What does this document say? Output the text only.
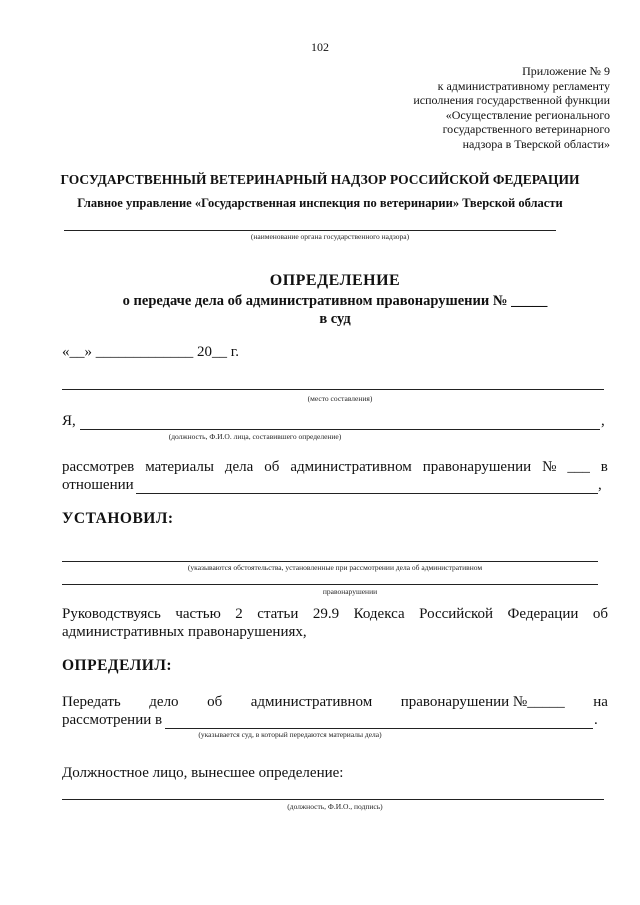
102
Приложение № 9
к административному регламенту
исполнения государственной функции
«Осуществление регионального
государственного ветеринарного
надзора в Тверской области»
ГОСУДАРСТВЕННЫЙ ВЕТЕРИНАРНЫЙ НАДЗОР РОССИЙСКОЙ ФЕДЕРАЦИИ
Главное управление «Государственная инспекция по ветеринарии» Тверской области
(наименование органа государственного надзора)
ОПРЕДЕЛЕНИЕ
о передаче дела об административном правонарушении № _____
в суд
«__» _____________ 20__ г.
(место составления)
Я,	,
(должность, Ф.И.О. лица, составившего определение)
рассмотрев материалы дела об административном правонарушении № ___ в
отношении	,
УСТАНОВИЛ:
(указываются обстоятельства, установленные при рассмотрении дела об административном
правонарушении
Руководствуясь частью 2 статьи 29.9 Кодекса Российской Федерации об
административных правонарушениях,
ОПРЕДЕЛИЛ:
Передать дело об административном правонарушении №_____ на
рассмотрении в	.
(указывается суд, в который передаются материалы дела)
Должностное лицо, вынесшее определение:
(должность, Ф.И.О., подпись)
